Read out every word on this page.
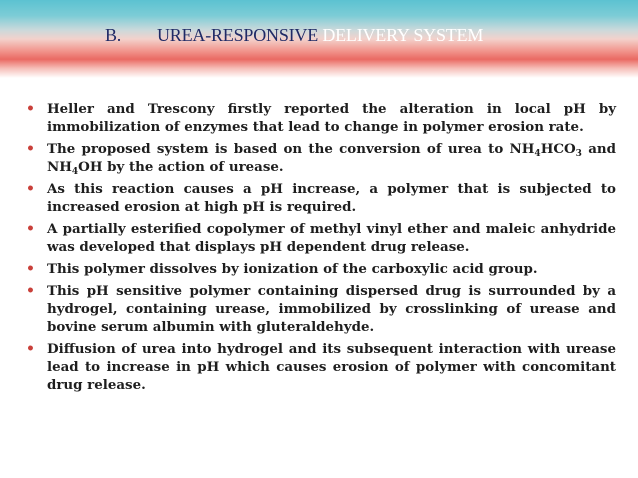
B. UREA-RESPONSIVE DELIVERY SYSTEM
• Heller and Trescony firstly reported the alteration in local pH by immobilization of enzymes that lead to change in polymer erosion rate.
• The proposed system is based on the conversion of urea to $NH_4HCO_3$ and $NH_4OH$ by the action of urease.
• As this reaction causes a pH increase, a polymer that is subjected to increased erosion at high pH is required.
• A partially esterified copolymer of methyl vinyl ether and maleic anhydride was developed that displays pH dependent drug release.
• This polymer dissolves by ionization of the carboxylic acid group.
• This pH sensitive polymer containing dispersed drug is surrounded by a hydrogel, containing urease, immobilized by crosslinking of urease and bovine serum albumin with gluteraldehyde.
• Diffusion of urea into hydrogel and its subsequent interaction with urease lead to increase in pH which causes erosion of polymer with concomitant drug release.
